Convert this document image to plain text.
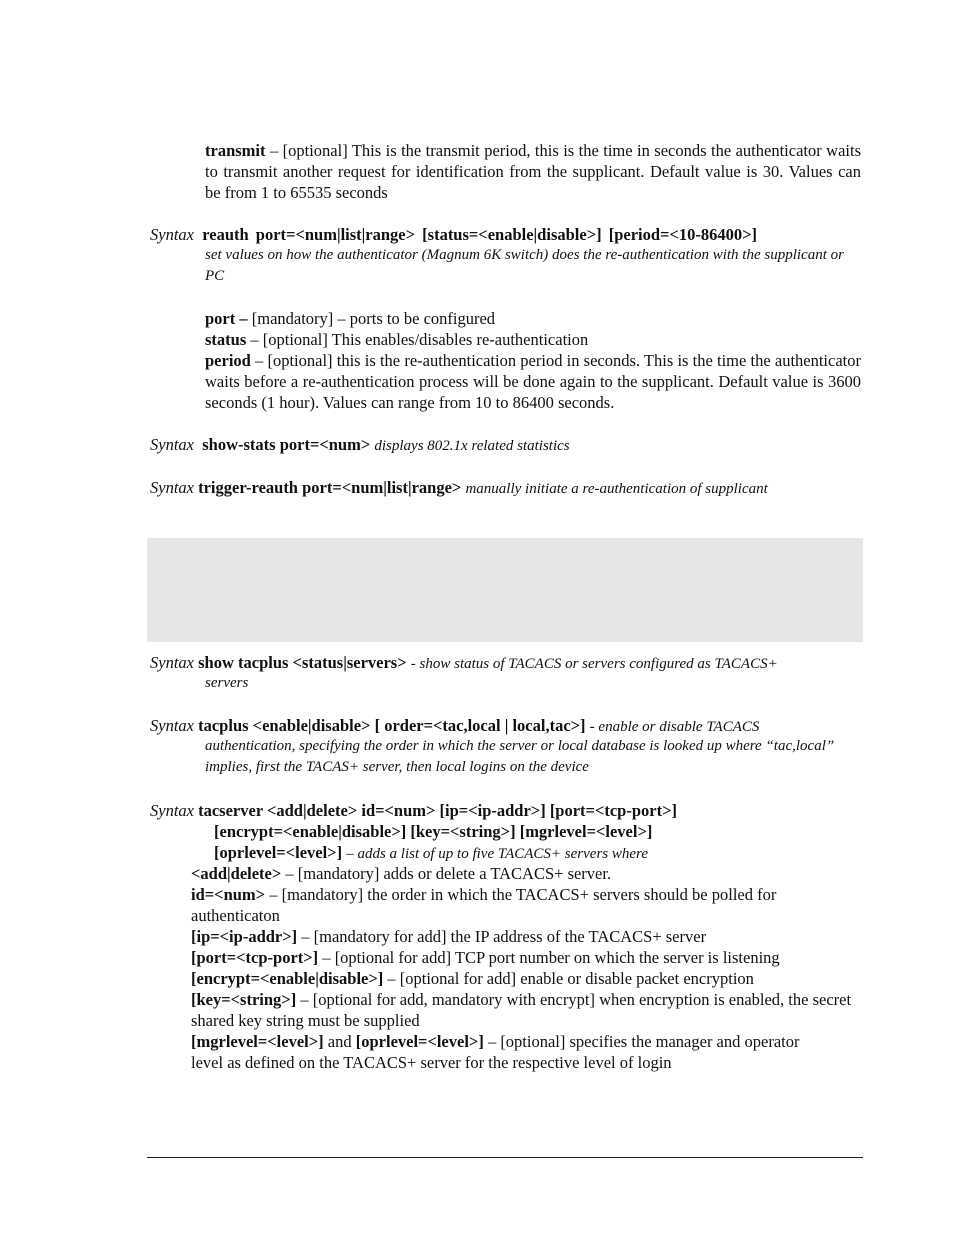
transmit – [optional] This is the transmit period, this is the time in seconds the authenticator waits to transmit another request for identification from the supplicant. Default value is 30. Values can be from 1 to 65535 seconds

Syntax reauth port=<num|list|range> [status=<enable|disable>] [period=<10-86400>]

set values on how the authenticator (Magnum 6K switch) does the re-authentication with the supplicant or PC

port – [mandatory] – ports to be configured

status – [optional] This enables/disables re-authentication

period – [optional] this is the re-authentication period in seconds. This is the time the authenticator waits before a re-authentication process will be done again to the supplicant. Default value is 3600 seconds (1 hour). Values can range from 10 to 86400 seconds.

Syntax show-stats port=<num> displays 802.1x related statistics

Syntax trigger-reauth port=<num|list|range> manually initiate a re-authentication of supplicant

Syntax show tacplus <status|servers> - show status of TACACS or servers configured as TACACS+

servers

Syntax tacplus <enable|disable> [ order=<tac,local | local,tac>] - enable or disable TACACS

authentication, specifying the order in which the server or local database is looked up where “tac,local”

implies, first the TACAS+ server, then local logins on the device

Syntax tacserver <add|delete> id=<num> [ip=<ip-addr>] [port=<tcp-port>]

[encrypt=<enable|disable>] [key=<string>] [mgrlevel=<level>]

[oprlevel=<level>] – adds a list of up to five TACACS+ servers where

<add|delete> – [mandatory] adds or delete a TACACS+ server.

id=<num> – [mandatory] the order in which the TACACS+ servers should be polled for authenticaton

[ip=<ip-addr>] – [mandatory for add] the IP address of the TACACS+ server

[port=<tcp-port>] – [optional for add] TCP port number on which the server is listening

[encrypt=<enable|disable>] – [optional for add] enable or disable packet encryption

[key=<string>] – [optional for add, mandatory with encrypt] when encryption is enabled, the secret shared key string must be supplied

[mgrlevel=<level>] and [oprlevel=<level>] – [optional] specifies the manager and operator level as defined on the TACACS+ server for the respective level of login
